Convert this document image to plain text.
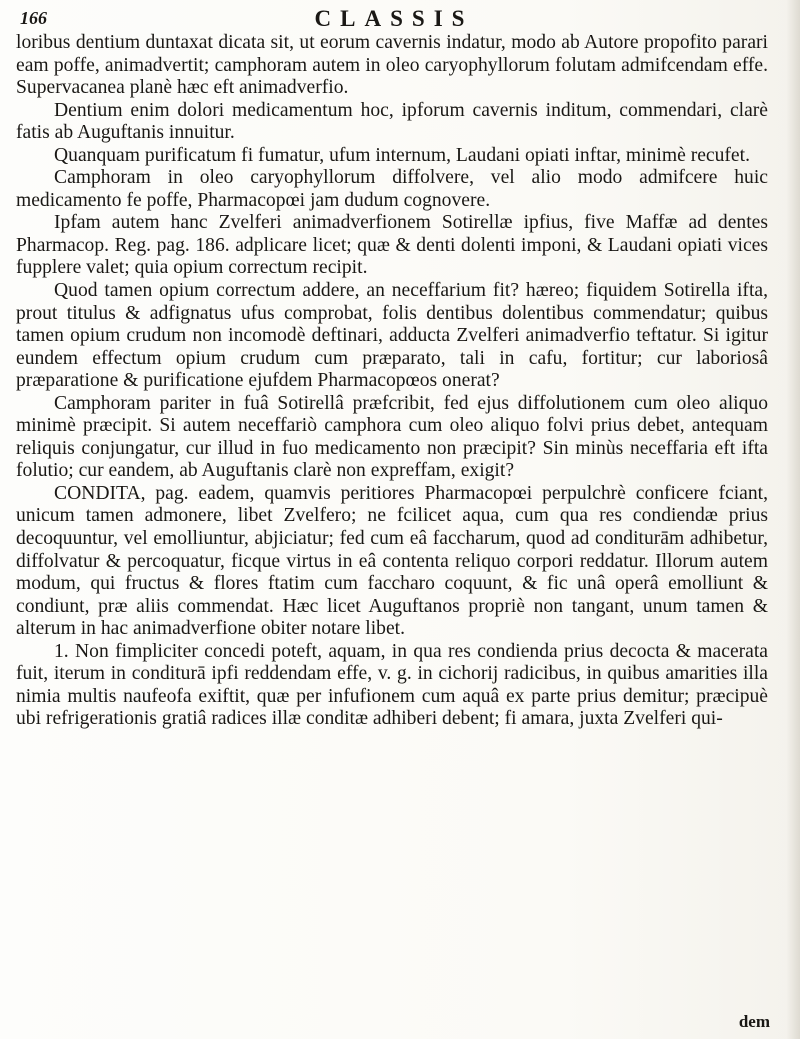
166	CLASSIS

loribus dentium duntaxat dicata sit, ut eorum cavernis indatur, modo ab Autore propofito parari eam poffe, animadvertit; camphoram autem in oleo caryophyllorum folutam admifcendam effe. Supervacanea planè hæc eft animadverfio.

Dentium enim dolori medicamentum hoc, ipforum cavernis inditum, commendari, clarè fatis ab Auguftanis innuitur.

Quanquam purificatum fi fumatur, ufum internum, Laudani opiati inftar, minimè recufet.

Camphoram in oleo caryophyllorum diffolvere, vel alio modo admifcere huic medicamento fe poffe, Pharmacopœi jam dudum cognovere.

Ipfam autem hanc Zvelferi animadverfionem Sotirellæ ipfius, five Maffæ ad dentes Pharmacop. Reg. pag. 186. adplicare licet; quæ & denti dolenti imponi, & Laudani opiati vices fupplere valet; quia opium correctum recipit.

Quod tamen opium correctum addere, an neceffarium fit? hæreo; fiquidem Sotirella ifta, prout titulus & adfignatus ufus comprobat, folis dentibus dolentibus commendatur; quibus tamen opium crudum non incomodè deftinari, adducta Zvelferi animadverfio teftatur. Si igitur eundem effectum opium crudum cum præparato, tali in cafu, fortitur; cur laboriosâ præparatione & purificatione ejufdem Pharmacopœos onerat?

Camphoram pariter in fuâ Sotirellâ præfcribit, fed ejus diffolutionem cum oleo aliquo minimè præcipit. Si autem neceffariò camphora cum oleo aliquo folvi prius debet, antequam reliquis conjungatur, cur illud in fuo medicamento non præcipit? Sin minùs neceffaria eft ifta folutio; cur eandem, ab Auguftanis clarè non expreffam, exigit?

CONDITA, pag. eadem, quamvis peritiores Pharmacopœi perpulchrè conficere fciant, unicum tamen admonere, libet Zvelfero; ne fcilicet aqua, cum qua res condiendæ prius decoquuntur, vel emolliuntur, abjiciatur; fed cum eâ faccharum, quod ad conditurām adhibetur, diffolvatur & percoquatur, ficque virtus in eâ contenta reliquo corpori reddatur. Illorum autem modum, qui fructus & flores ftatim cum faccharo coquunt, & fic unâ operâ emolliunt & condiunt, præ aliis commendat. Hæc licet Auguftanos propriè non tangant, unum tamen & alterum in hac animadverfione obiter notare libet.

1. Non fimpliciter concedi poteft, aquam, in qua res condienda prius decocta & macerata fuit, iterum in conditurā ipfi reddendam effe, v. g. in cichorij radicibus, in quibus amarities illa nimia multis naufeofa exiftit, quæ per infufionem cum aquâ ex parte prius demitur; præcipuè ubi refrigerationis gratiâ radices illæ conditæ adhiberi debent; fi amara, juxta Zvelferi qui-

dem
